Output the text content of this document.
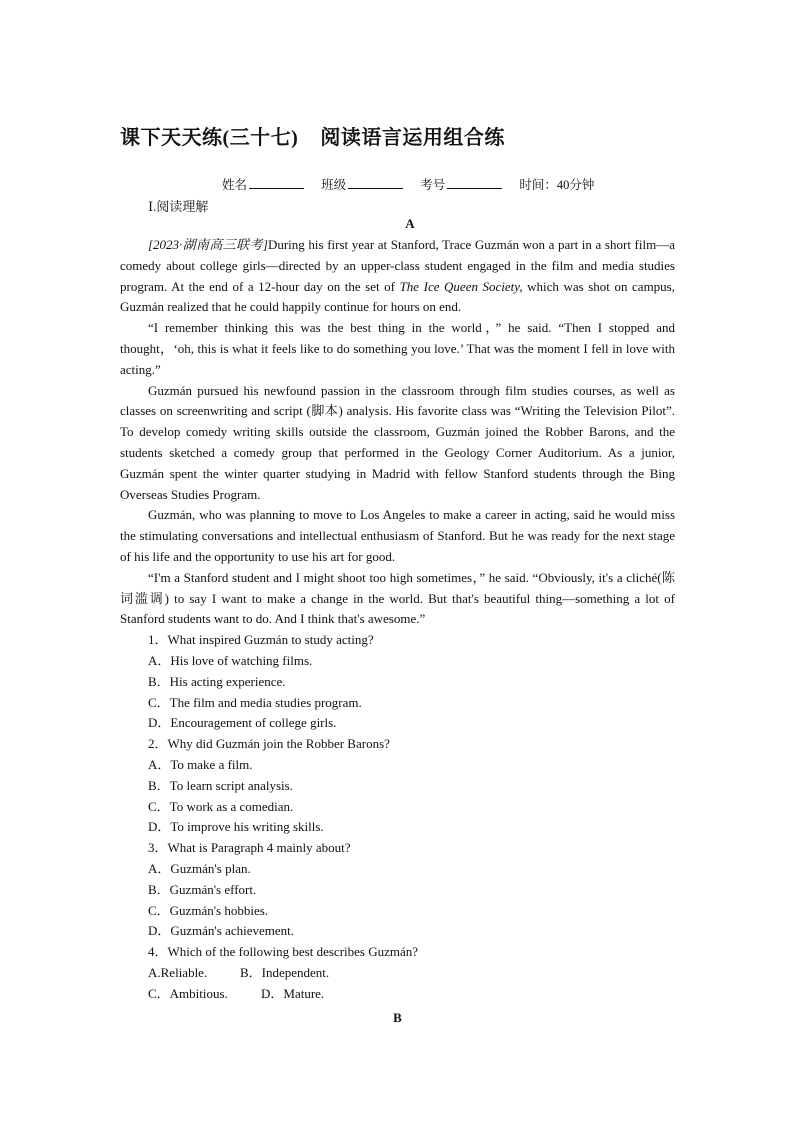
课下天天练(三十七) 阅读语言运用组合练
姓名	班级	考号	时间：40分钟
Ⅰ.阅读理解
A

[2023·湖南高三联考]During his first year at Stanford, Trace Guzmán won a part in a short film—a comedy about college girls—directed by an upper-class student engaged in the film and media studies program. At the end of a 12-hour day on the set of The Ice Queen Society, which was shot on campus, Guzmán realized that he could happily continue for hours on end.

“I remember thinking this was the best thing in the world，” he said. “Then I stopped and thought，‘oh, this is what it feels like to do something you love.’ That was the moment I fell in love with acting.”

Guzmán pursued his newfound passion in the classroom through film studies courses, as well as classes on screenwriting and script (脚本) analysis. His favorite class was “Writing the Television Pilot”. To develop comedy writing skills outside the classroom, Guzmán joined the Robber Barons, and the students sketched a comedy group that performed in the Geology Corner Auditorium. As a junior, Guzmán spent the winter quarter studying in Madrid with fellow Stanford students through the Bing Overseas Studies Program.

Guzmán, who was planning to move to Los Angeles to make a career in acting, said he would miss the stimulating conversations and intellectual enthusiasm of Stanford. But he was ready for the next stage of his life and the opportunity to use his art for good.

“I'm a Stanford student and I might shoot too high sometimes，” he said. “Obviously, it's a cliché(陈词滥调) to say I want to make a change in the world. But that's beautiful thing—something a lot of Stanford students want to do. And I think that's awesome.”

1．What inspired Guzmán to study acting?

A．His love of watching films.

B．His acting experience.

C．The film and media studies program.

D．Encouragement of college girls.

2．Why did Guzmán join the Robber Barons?

A．To make a film.

B．To learn script analysis.

C．To work as a comedian.

D．To improve his writing skills.

3．What is Paragraph 4 mainly about?

A．Guzmán's plan.

B．Guzmán's effort.

C．Guzmán's hobbies.

D．Guzmán's achievement.

4．Which of the following best describes Guzmán?

A.Reliable.	B．Independent.

C．Ambitious.	D．Mature.

B
